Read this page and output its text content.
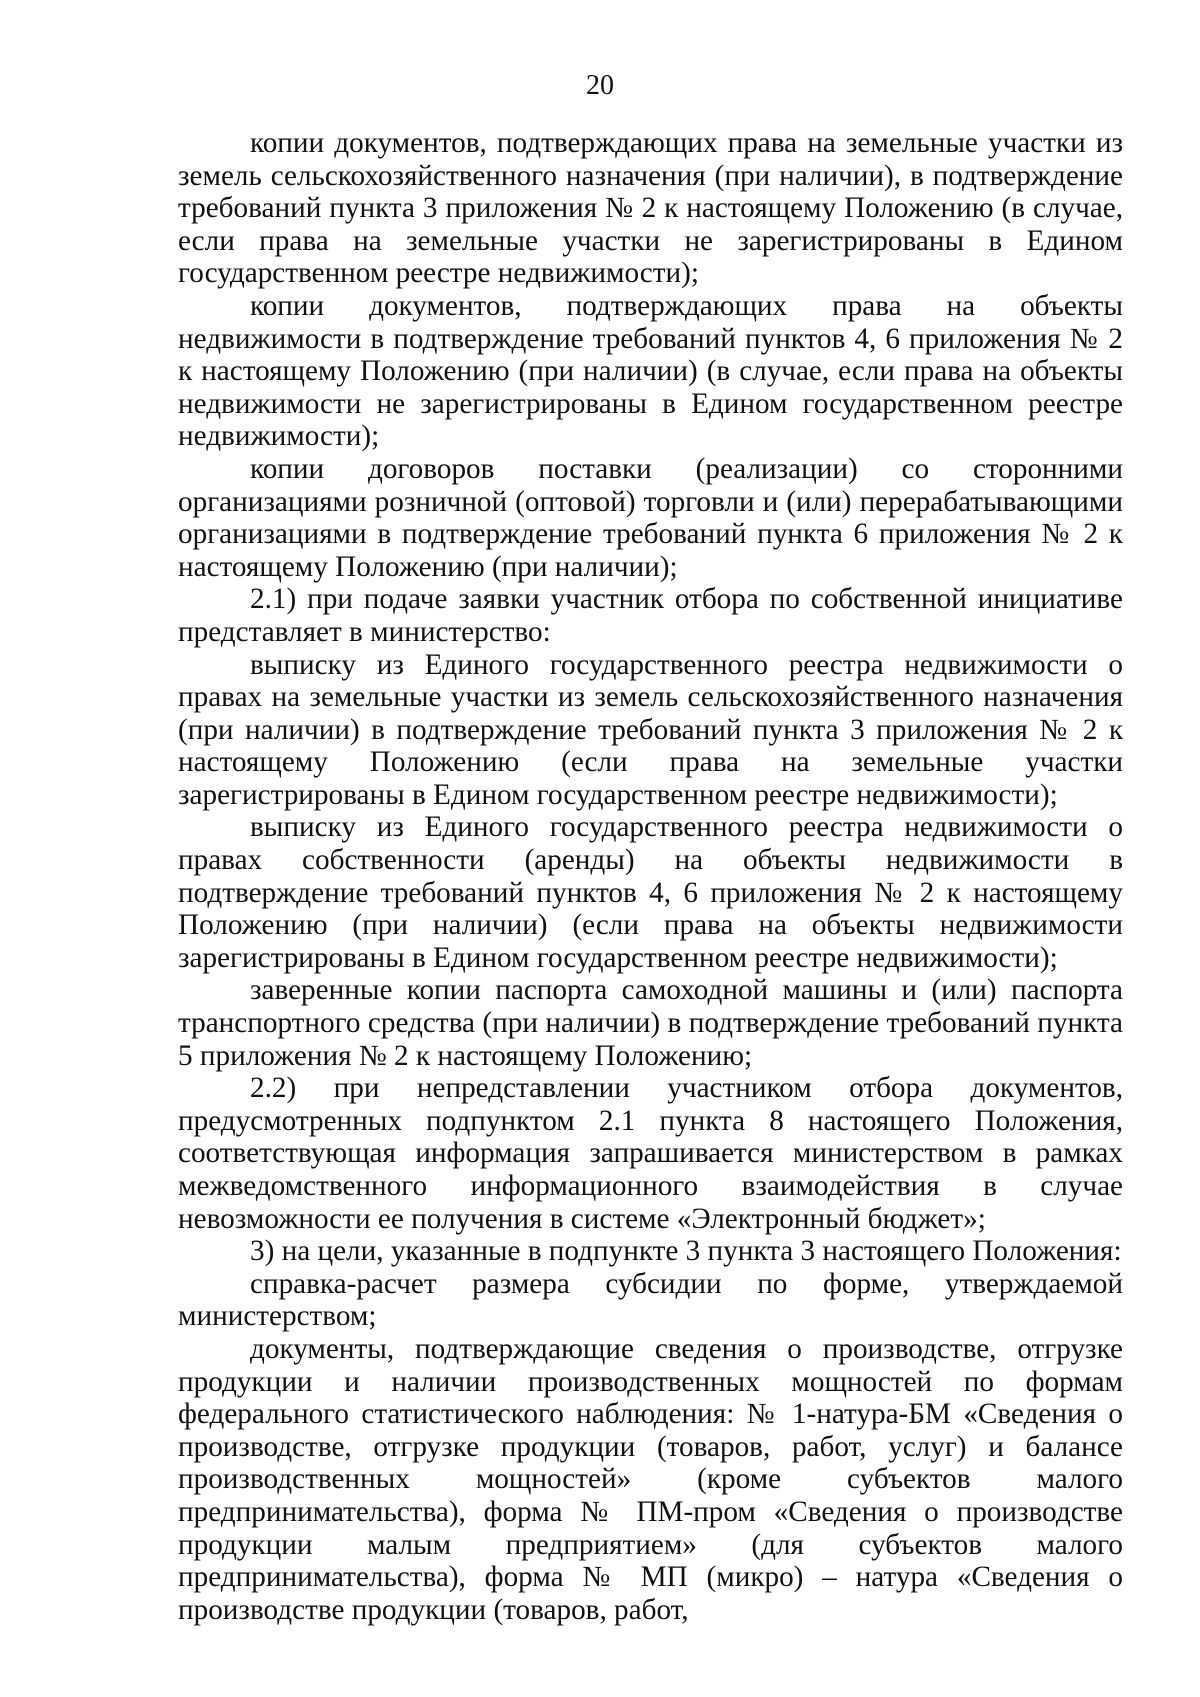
20

копии документов, подтверждающих права на земельные участки из земель сельскохозяйственного назначения (при наличии), в подтверждение требований пункта 3 приложения № 2 к настоящему Положению (в случае, если права на земельные участки не зарегистрированы в Едином государственном реестре недвижимости);

копии документов, подтверждающих права на объекты недвижимости в подтверждение требований пунктов 4, 6 приложения № 2 к настоящему Положению (при наличии) (в случае, если права на объекты недвижимости не зарегистрированы в Едином государственном реестре недвижимости);

копии договоров поставки (реализации) со сторонними организациями розничной (оптовой) торговли и (или) перерабатывающими организациями в подтверждение требований пункта 6 приложения № 2 к настоящему Положению (при наличии);

2.1) при подаче заявки участник отбора по собственной инициативе представляет в министерство:

выписку из Единого государственного реестра недвижимости о правах на земельные участки из земель сельскохозяйственного назначения (при наличии) в подтверждение требований пункта 3 приложения № 2 к настоящему Положению (если права на земельные участки зарегистрированы в Едином государственном реестре недвижимости);

выписку из Единого государственного реестра недвижимости о правах собственности (аренды) на объекты недвижимости в подтверждение требований пунктов 4, 6 приложения № 2 к настоящему Положению (при наличии) (если права на объекты недвижимости зарегистрированы в Едином государственном реестре недвижимости);

заверенные копии паспорта самоходной машины и (или) паспорта транспортного средства (при наличии) в подтверждение требований пункта 5 приложения № 2 к настоящему Положению;

2.2) при непредставлении участником отбора документов, предусмотренных подпунктом 2.1 пункта 8 настоящего Положения, соответствующая информация запрашивается министерством в рамках межведомственного информационного взаимодействия в случае невозможности ее получения в системе «Электронный бюджет»;

3) на цели, указанные в подпункте 3 пункта 3 настоящего Положения:

справка-расчет размера субсидии по форме, утверждаемой министерством;

документы, подтверждающие сведения о производстве, отгрузке продукции и наличии производственных мощностей по формам федерального статистического наблюдения: № 1-натура-БМ «Сведения о производстве, отгрузке продукции (товаров, работ, услуг) и балансе производственных мощностей» (кроме субъектов малого предпринимательства), форма № ПМ-пром «Сведения о производстве продукции малым предприятием» (для субъектов малого предпринимательства), форма № МП (микро) – натура «Сведения о производстве продукции (товаров, работ,
